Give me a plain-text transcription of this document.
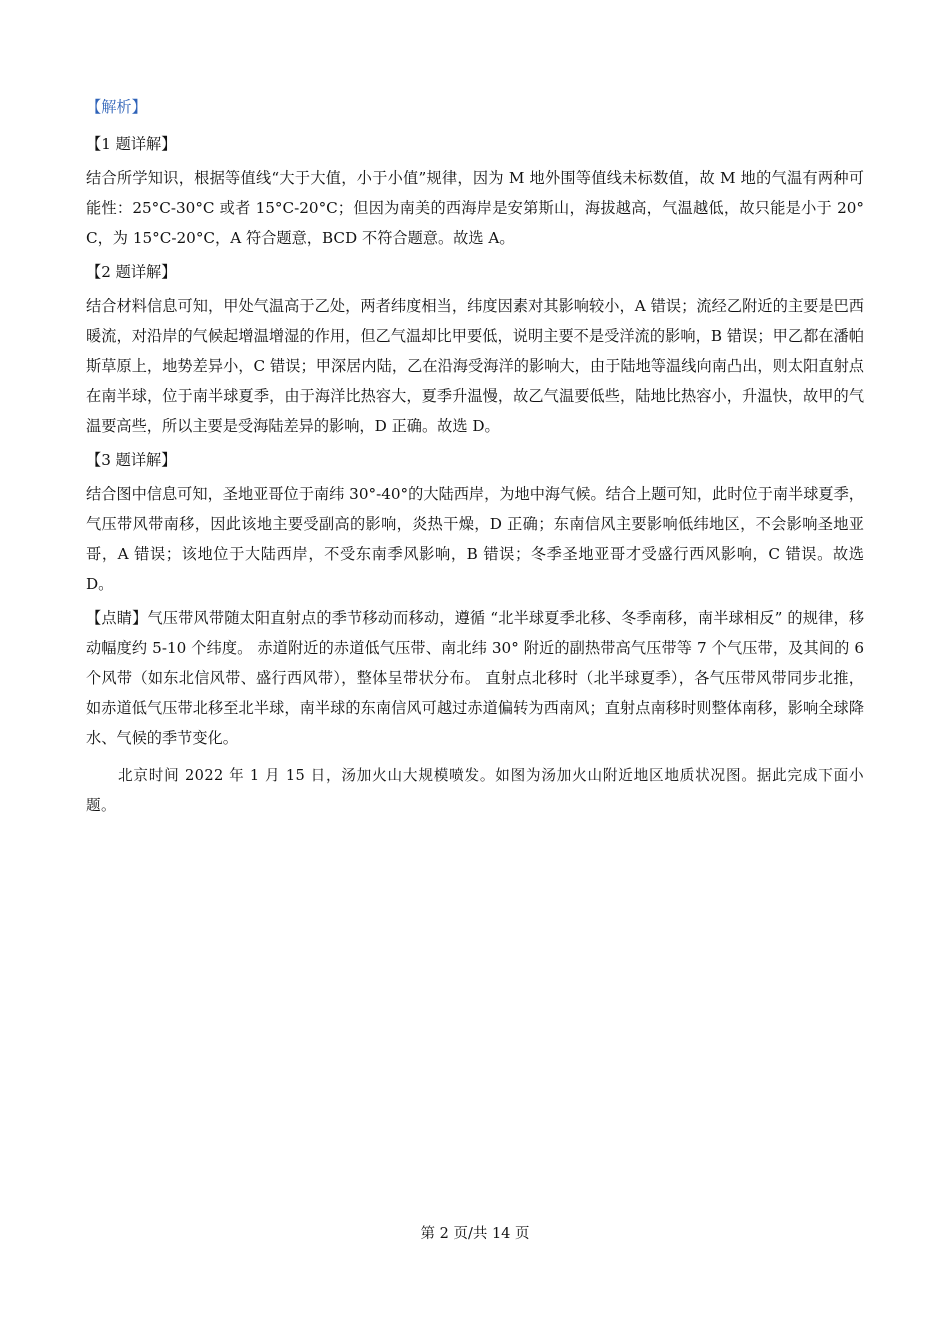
【解析】

【1 题详解】

结合所学知识，根据等值线“大于大值，小于小值”规律，因为 M 地外围等值线未标数值，故 M 地的气温有两种可能性：25°C-30°C 或者 15°C-20°C；但因为南美的西海岸是安第斯山，海拔越高，气温越低，故只能是小于 20°C，为 15°C-20°C，A 符合题意，BCD 不符合题意。故选 A。

【2 题详解】

结合材料信息可知，甲处气温高于乙处，两者纬度相当，纬度因素对其影响较小，A 错误；流经乙附近的主要是巴西暖流，对沿岸的气候起增温增湿的作用，但乙气温却比甲要低，说明主要不是受洋流的影响，B 错误；甲乙都在潘帕斯草原上，地势差异小，C 错误；甲深居内陆，乙在沿海受海洋的影响大，由于陆地等温线向南凸出，则太阳直射点在南半球，位于南半球夏季，由于海洋比热容大，夏季升温慢，故乙气温要低些，陆地比热容小，升温快，故甲的气温要高些，所以主要是受海陆差异的影响，D 正确。故选 D。

【3 题详解】

结合图中信息可知，圣地亚哥位于南纬 30°-40°的大陆西岸，为地中海气候。结合上题可知，此时位于南半球夏季，气压带风带南移，因此该地主要受副高的影响，炎热干燥，D 正确；东南信风主要影响低纬地区，不会影响圣地亚哥，A 错误；该地位于大陆西岸，不受东南季风影响，B 错误；冬季圣地亚哥才受盛行西风影响，C 错误。故选 D。

【点睛】气压带风带随太阳直射点的季节移动而移动，遵循 “北半球夏季北移、冬季南移，南半球相反” 的规律，移动幅度约 5-10 个纬度。 赤道附近的赤道低气压带、南北纬 30° 附近的副热带高气压带等 7 个气压带，及其间的 6 个风带（如东北信风带、盛行西风带），整体呈带状分布。 直射点北移时（北半球夏季），各气压带风带同步北推，如赤道低气压带北移至北半球，南半球的东南信风可越过赤道偏转为西南风；直射点南移时则整体南移，影响全球降水、气候的季节变化。

北京时间 2022 年 1 月 15 日，汤加火山大规模喷发。如图为汤加火山附近地区地质状况图。据此完成下面小题。

第 2 页/共 14 页
